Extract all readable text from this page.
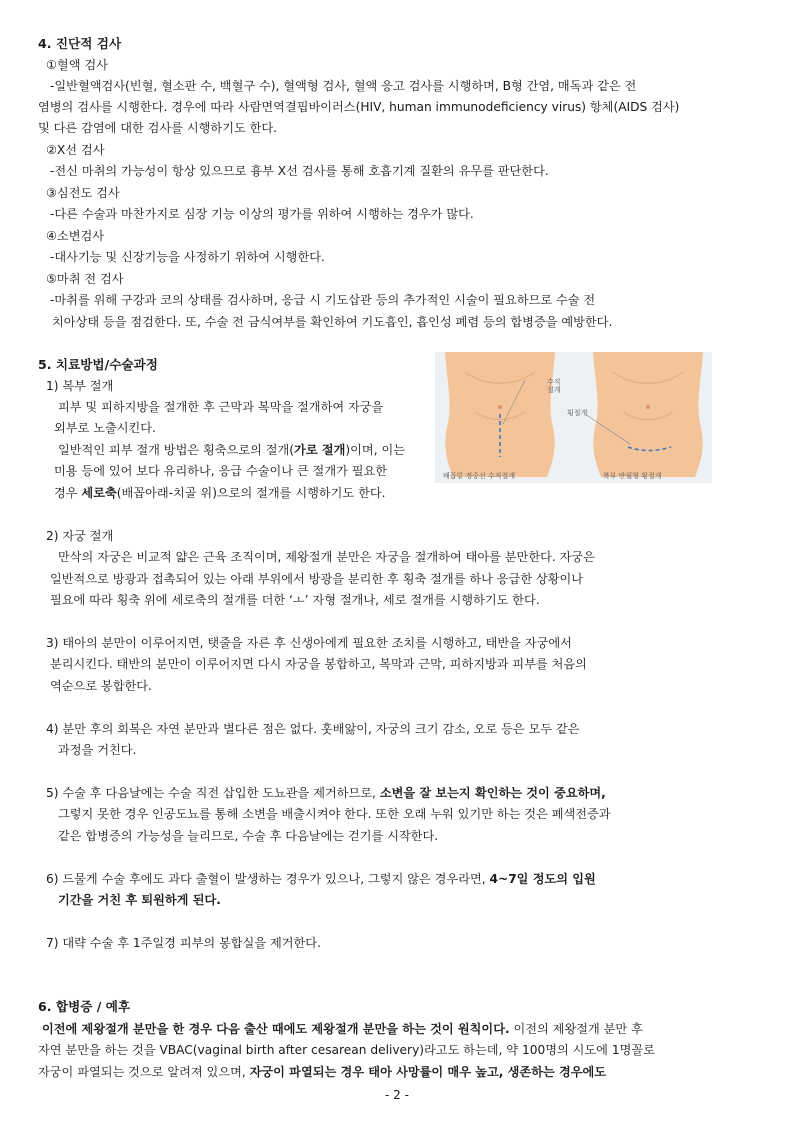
4. 진단적 검사
①혈액 검사
-일반혈액검사(빈혈, 혈소판 수, 백혈구 수), 혈액형 검사, 혈액 응고 검사를 시행하며, B형 간염, 매독과 같은 전
염병의 검사를 시행한다. 경우에 따라 사람면역결핍바이러스(HIV, human immunodeficiency virus) 항체(AIDS 검사)
및 다른 감염에 대한 검사를 시행하기도 한다.
②X선 검사
-전신 마취의 가능성이 항상 있으므로 흉부 X선 검사를 통해 호흡기계 질환의 유무를 판단한다.
③심전도 검사
-다른 수술과 마찬가지로 심장 기능 이상의 평가를 위하여 시행하는 경우가 많다.
④소변검사
-대사기능 및 신장기능을 사정하기 위하여 시행한다.
⑤마취 전 검사
-마취를 위해 구강과 코의 상태를 검사하며, 응급 시 기도삽관 등의 추가적인 시술이 필요하므로 수술 전
치아상태 등을 점검한다. 또, 수술 전 금식여부를 확인하여 기도흡인, 흡인성 폐렴 등의 합병증을 예방한다.
5. 치료방법/수술과정
1) 복부 절개
피부 및 피하지방을 절개한 후 근막과 복막을 절개하여 자궁을
외부로 노출시킨다.
일반적인 피부 절개 방법은 횡축으로의 절개(가로 절개)이며, 이는
미용 등에 있어 보다 유리하나, 응급 수술이나 큰 절개가 필요한
경우 세로축(배꼽아래-치골 위)으로의 절개를 시행하기도 한다.
2) 자궁 절개
만삭의 자궁은 비교적 얇은 근육 조직이며, 제왕절개 분만은 자궁을 절개하여 태아를 분만한다. 자궁은
일반적으로 방광과 접촉되어 있는 아래 부위에서 방광을 분리한 후 횡축 절개를 하나 응급한 상황이나
필요에 따라 횡축 위에 세로축의 절개를 더한 ‘ㅗ’ 자형 절개나, 세로 절개를 시행하기도 한다.
3) 태아의 분만이 이루어지면, 탯줄을 자른 후 신생아에게 필요한 조치를 시행하고, 태반을 자궁에서
분리시킨다. 태반의 분만이 이루어지면 다시 자궁을 봉합하고, 복막과 근막, 피하지방과 피부를 처음의
역순으로 봉합한다.
4) 분만 후의 회복은 자연 분만과 별다른 점은 없다. 훗배앓이, 자궁의 크기 감소, 오로 등은 모두 같은
과정을 거친다.
5) 수술 후 다음날에는 수술 직전 삽입한 도뇨관을 제거하므로, 소변을 잘 보는지 확인하는 것이 중요하며,
그렇지 못한 경우 인공도뇨를 통해 소변을 배출시켜야 한다. 또한 오래 누워 있기만 하는 것은 폐색전증과
같은 합병증의 가능성을 늘리므로, 수술 후 다음날에는 걷기를 시작한다.
6) 드물게 수술 후에도 과다 출혈이 발생하는 경우가 있으나, 그렇지 않은 경우라면, 4~7일 정도의 입원
기간을 거친 후 퇴원하게 된다.
7) 대략 수술 후 1주일경 피부의 봉합실을 제거한다.
6. 합병증 / 예후
이전에 제왕절개 분만을 한 경우 다음 출산 때에도 제왕절개 분만을 하는 것이 원칙이다. 이전의 제왕절개 분만 후
자연 분만을 하는 것을 VBAC(vaginal birth after cesarean delivery)라고도 하는데, 약 100명의 시도에 1명꼴로
자궁이 파열되는 것으로 알려져 있으며, 자궁이 파열되는 경우 태아 사망률이 매우 높고, 생존하는 경우에도
수직
절개
횡절개
배꼽밑 정중선 수직절개	복부 반월형 횡절개
- 2 -
